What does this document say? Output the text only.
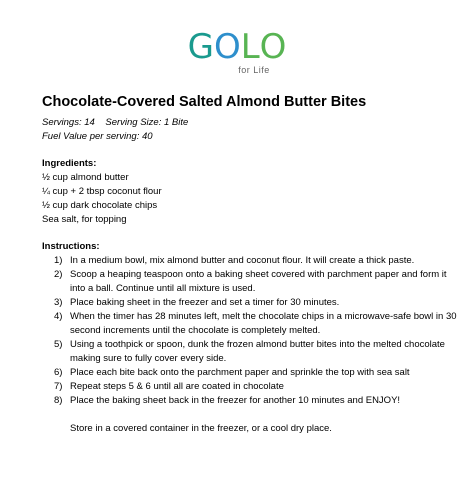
G O L O
for Life
Chocolate-Covered Salted Almond Butter Bites
Servings: 14    Serving Size: 1 Bite
Fuel Value per serving: 40
Ingredients:
½ cup almond butter
¼ cup + 2 tbsp coconut flour
½ cup dark chocolate chips
Sea salt, for topping
Instructions:
1) In a medium bowl, mix almond butter and coconut flour. It will create a thick paste.
2) Scoop a heaping teaspoon onto a baking sheet covered with parchment paper and form it into a ball. Continue until all mixture is used.
3) Place baking sheet in the freezer and set a timer for 30 minutes.
4) When the timer has 28 minutes left, melt the chocolate chips in a microwave-safe bowl in 30 second increments until the chocolate is completely melted.
5) Using a toothpick or spoon, dunk the frozen almond butter bites into the melted chocolate making sure to fully cover every side.
6) Place each bite back onto the parchment paper and sprinkle the top with sea salt
7) Repeat steps 5 & 6 until all are coated in chocolate
8) Place the baking sheet back in the freezer for another 10 minutes and ENJOY!
Store in a covered container in the freezer, or a cool dry place.
